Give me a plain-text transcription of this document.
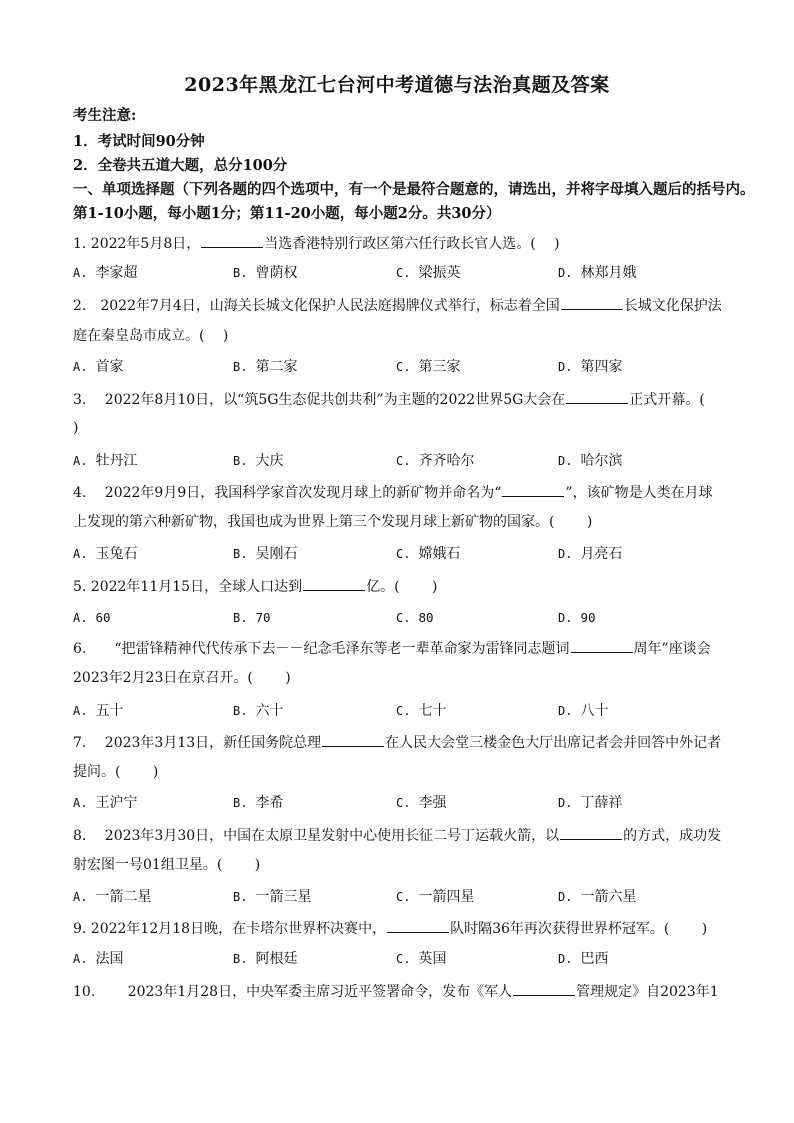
2023年黑龙江七台河中考道德与法治真题及答案
考生注意:
1．考试时间90分钟
2．全卷共五道大题，总分100分
一、单项选择题（下列各题的四个选项中，有一个是最符合题意的，请选出，并将字母填入题后的括号内。
第1-10小题，每小题1分；第11-20小题，每小题2分。共30分）
1. 2022年5月8日，	当选香港特别行政区第六任行政长官人选。(　 )
A. 李家超	B. 曾荫权	C. 梁振英	D. 林郑月娥
2.　2022年7月4日，山海关长城文化保护人民法庭揭牌仪式举行，标志着全国	长城文化保护法
庭在秦皇岛市成立。(　 )
A. 首家	B. 第二家	C. 第三家	D. 第四家
3.　 2022年8月10日，以“筑5G生态促共创共利”为主题的2022世界5G大会在	正式开幕。(
)
A. 牡丹江	B. 大庆	C. 齐齐哈尔	D. 哈尔滨
4.　 2022年9月9日，我国科学家首次发现月球上的新矿物并命名为“	”，该矿物是人类在月球
上发现的第六种新矿物，我国也成为世界上第三个发现月球上新矿物的国家。(　 　)
A. 玉兔石	B. 吴刚石	C. 嫦娥石	D. 月亮石
5. 2022年11月15日，全球人口达到	亿。(　 　)
A. 60	B. 70	C. 80	D. 90
6.　　“把雷锋精神代代传承下去－－纪念毛泽东等老一辈革命家为雷锋同志题词	周年”座谈会
2023年2月23日在京召开。(　 　)
A. 五十	B. 六十	C. 七十	D. 八十
7.　 2023年3月13日，新任国务院总理	在人民大会堂三楼金色大厅出席记者会并回答中外记者
提问。(　 　)
A. 王沪宁	B. 李希	C. 李强	D. 丁薛祥
8.　 2023年3月30日，中国在太原卫星发射中心使用长征二号丁运载火箭，以	的方式，成功发
射宏图一号01组卫星。(　 　)
A. 一箭二星	B. 一箭三星	C. 一箭四星	D. 一箭六星
9. 2022年12月18日晚，在卡塔尔世界杯决赛中，	队时隔36年再次获得世界杯冠军。(　 　)
A. 法国	B. 阿根廷	C. 英国	D. 巴西
10.　　 2023年1月28日，中央军委主席习近平签署命令，发布《军人	管理规定》自2023年1
